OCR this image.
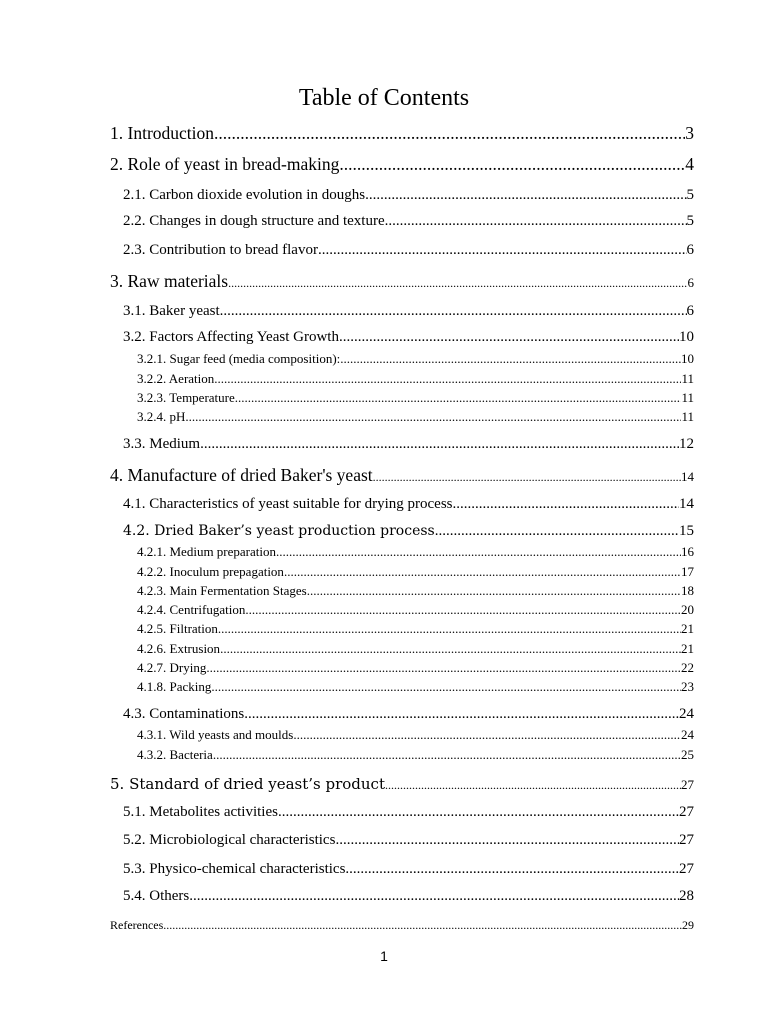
Table of Contents
1. Introduction .....	3
2. Role of yeast in bread-making .....	4
2.1. Carbon dioxide evolution in doughs .....	5
2.2. Changes in dough structure and texture .....	5
2.3. Contribution to bread flavor .....	6
3. Raw materials .....	6
3.1. Baker yeast .....	6
3.2. Factors Affecting Yeast Growth .....	10
3.2.1. Sugar feed (media composition): .....	10
3.2.2. Aeration .....	11
3.2.3. Temperature .....	11
3.2.4. pH .....	11
3.3. Medium .....	12
4. Manufacture of dried Baker's yeast .....	14
4.1. Characteristics of yeast suitable for drying process .....	14
4.2. Dried Baker’s yeast production process .....	15
4.2.1. Medium preparation. .....	16
4.2.2. Inoculum prepagation .....	17
4.2.3. Main Fermentation Stages .....	18
4.2.4. Centrifugation .....	20
4.2.5. Filtration .....	21
4.2.6. Extrusion .....	21
4.2.7. Drying .....	22
4.1.8. Packing .....	23
4.3. Contaminations .....	24
4.3.1. Wild yeasts and moulds .....	24
4.3.2. Bacteria .....	25
5. Standard of dried yeast’s product .....	27
5.1. Metabolites activities .....	27
5.2. Microbiological characteristics .....	27
5.3. Physico-chemical characteristics .....	27
5.4. Others .....	28
References .....	29
1
